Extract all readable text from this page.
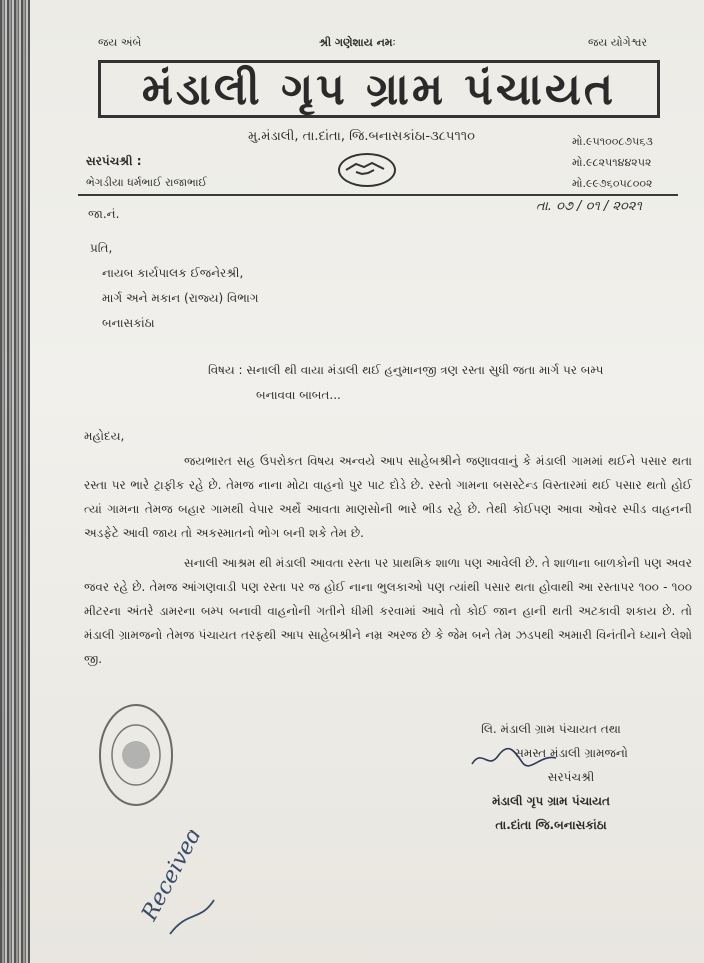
જય અંબે	શ્રી ગણેશાય નમઃ	જય યોગેશ્વર
મંડાલી ગૃપ ગ્રામ પંચાયત
મુ.મંડાલી, તા.દાંતા, જિ.બનાસકાંઠા-૩૮૫૧૧૦	મો.૯૫૧૦૦૮૭૫૬૩
મો.૯૮૨૫૧૪૪૨૫૨
મો.૯૯૭૬૦૫૮૦૦૨
સરપંચશ્રી :
ભેગડીયા ધર્મભાઈ રાજાભાઈ
જા.નં.	તા. ૦૭ / ૦૧ / ૨૦૨૧
પ્રતિ,
નાયબ કાર્યપાલક ઈજનેરશ્રી,
માર્ગ અને મકાન (રાજ્ય) વિભાગ
બનાસકાંઠા
વિષય : સનાલી થી વાયા મંડાલી થઈ હનુમાનજી ત્રણ રસ્તા સુધી જતા માર્ગ પર બમ્પ
બનાવવા બાબત...
મહોદય,

જયભારત સહ ઉપરોકત વિષય અન્વયે આપ સાહેબશ્રીને જણાવવાનું કે મંડાલી ગામમાં થઈને પસાર થતા રસ્તા પર ભારે ટ્રાફીક રહે છે. તેમજ નાના મોટા વાહનો પુર પાટ દોડે છે. રસ્તો ગામના બસસ્ટેન્ડ વિસ્તારમાં થઈ પસાર થતો હોઈ ત્યાં ગામના તેમજ બહાર ગામથી વેપાર અર્થે આવતા માણસોની ભારે ભીડ રહે છે. તેથી કોઈપણ આવા ઓવર સ્પીડ વાહનની અડફેટે આવી જાય તો અકસ્માતનો ભોગ બની શકે તેમ છે.

સનાલી આશ્રમ થી મંડાલી આવતા રસ્તા પર પ્રાથમિક શાળા પણ આવેલી છે. તે શાળાના બાળકોની પણ અવર જવર રહે છે. તેમજ આંગણવાડી પણ રસ્તા પર જ હોઈ નાના ભુલકાઓ પણ ત્યાંથી પસાર થતા હોવાથી આ રસ્તાપર ૧૦૦ - ૧૦૦ મીટરના અંતરે ડામરના બમ્પ બનાવી વાહનોની ગતીને ધીમી કરવામાં આવે તો કોઈ જાન હાની થતી અટકાવી શકાય છે. તો મંડાલી ગ્રામજનો તેમજ પંચાયત તરફથી આપ સાહેબશ્રીને નમ્ર અરજ છે કે જેમ બને તેમ ઝડપથી અમારી વિનંતીને ધ્યાને લેશો જી.

લિ. મંડાલી ગ્રામ પંચાયત તથા
સમસ્ત મંડાલી ગ્રામજનો
સરપંચશ્રી
મંડાલી ગૃપ ગ્રામ પંચાયત
તા.દાંતા જિ.બનાસકાંઠા
Received
